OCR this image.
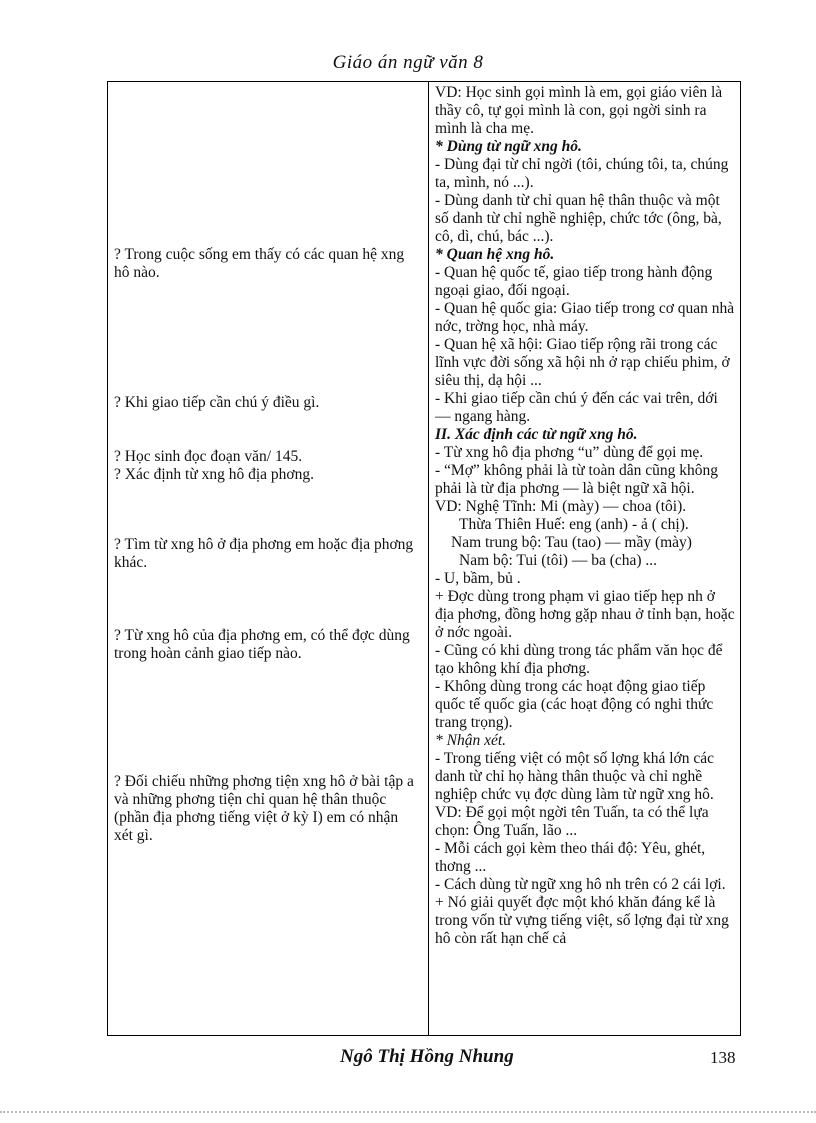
Giáo án ngữ văn 8
? Trong cuộc sống em thấy có các quan hệ xng hô nào.
? Khi giao tiếp cần chú ý điều gì.
? Học sinh đọc đoạn văn/ 145.
? Xác định từ xng hô địa phơng.
? Tìm từ xng hô ở địa phơng em hoặc địa phơng khác.
? Từ xng hô của địa phơng em, có thể đợc dùng trong hoàn cảnh giao tiếp nào.
? Đối chiếu những phơng tiện xng hô ở bài tập a và những phơng tiện chỉ quan hệ thân thuộc (phần địa phơng tiếng việt ở kỳ I) em có nhận xét gì.

VD: Học sinh gọi mình là em, gọi giáo viên là thầy cô, tự gọi mình là con, gọi ngời sinh ra mình là cha mẹ.

* Dùng từ ngữ xng hô.

- Dùng đại từ chỉ ngời (tôi, chúng tôi, ta, chúng ta, mình, nó ...).

- Dùng danh từ chỉ quan hệ thân thuộc và một số danh từ chỉ nghề nghiệp, chức tớc (ông, bà, cô, dì, chú, bác ...).

* Quan hệ xng hô.

- Quan hệ quốc tế, giao tiếp trong hành động ngoại giao, đối ngoại.

- Quan hệ quốc gia: Giao tiếp trong cơ quan nhà nớc, trờng học, nhà máy.

- Quan hệ xã hội: Giao tiếp rộng rãi trong các lĩnh vực đời sống xã hội nh ở rạp chiếu phim, ở siêu thị, dạ hội ...

- Khi giao tiếp cần chú ý đến các vai trên, dới — ngang hàng.

II. Xác định các từ ngữ xng hô.

- Từ xng hô địa phơng “u” dùng để gọi mẹ.

- “Mợ” không phải là từ toàn dân cũng không phải là từ địa phơng — là biệt ngữ xã hội.

VD: Nghệ Tĩnh: Mi (mày) — choa (tôi).

Thừa Thiên Huế: eng (anh) - ả ( chị).

Nam trung bộ: Tau (tao) — mầy (mày)

Nam bộ: Tui (tôi) — ba (cha) ...

- U, bầm, bủ .

+ Đợc dùng trong phạm vi giao tiếp hẹp nh ở địa phơng, đồng hơng gặp nhau ở tỉnh bạn, hoặc ở nớc ngoài.

- Cũng có khi dùng trong tác phẩm văn học để tạo không khí địa phơng.

- Không dùng trong các hoạt động giao tiếp quốc tế quốc gia (các hoạt động có nghi thức trang trọng).

* Nhận xét.

- Trong tiếng việt có một số lợng khá lớn các danh từ chỉ họ hàng thân thuộc và chỉ nghề nghiệp chức vụ đợc dùng làm từ ngữ xng hô.

VD: Để gọi một ngời tên Tuấn, ta có thể lựa chọn: Ông Tuấn, lão ...

- Mỗi cách gọi kèm theo thái độ: Yêu, ghét, thơng ...

- Cách dùng từ ngữ xng hô nh trên có 2 cái lợi.

+ Nó giải quyết đợc một khó khăn đáng kể là trong vốn từ vựng tiếng việt, số lợng đại từ xng hô còn rất hạn chế cả

Ngô Thị Hồng Nhung	138
